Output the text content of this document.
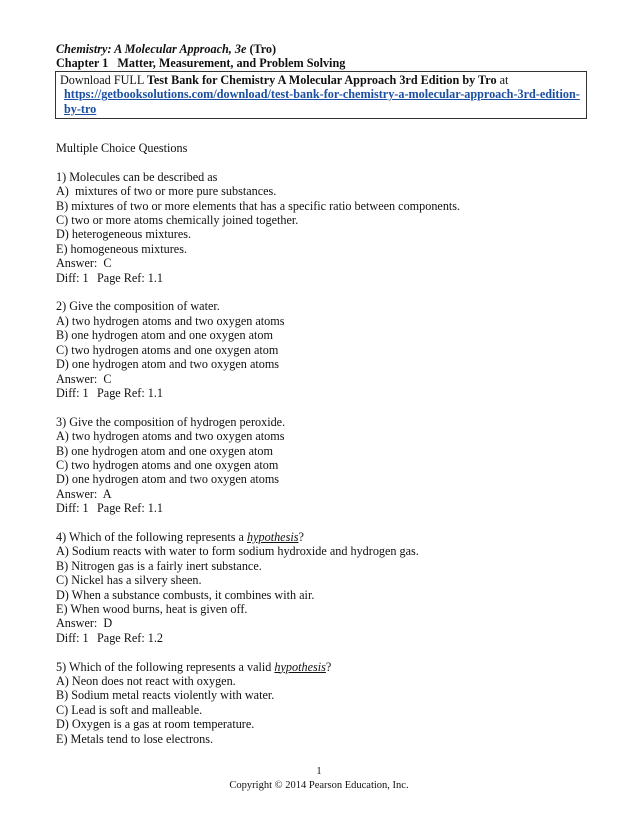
Chemistry: A Molecular Approach, 3e (Tro)
Chapter 1   Matter, Measurement, and Problem Solving
Download FULL Test Bank for Chemistry A Molecular Approach 3rd Edition by Tro at
https://getbooksolutions.com/download/test-bank-for-chemistry-a-molecular-approach-3rd-edition-by-tro
Multiple Choice Questions
1) Molecules can be described as
A)  mixtures of two or more pure substances.
B) mixtures of two or more elements that has a specific ratio between components.
C) two or more atoms chemically joined together.
D) heterogeneous mixtures.
E) homogeneous mixtures.
Answer:  C
Diff: 1 Page Ref: 1.1
2) Give the composition of water.
A) two hydrogen atoms and two oxygen atoms
B) one hydrogen atom and one oxygen atom
C) two hydrogen atoms and one oxygen atom
D) one hydrogen atom and two oxygen atoms
Answer:  C
Diff: 1 Page Ref: 1.1
3) Give the composition of hydrogen peroxide.
A) two hydrogen atoms and two oxygen atoms
B) one hydrogen atom and one oxygen atom
C) two hydrogen atoms and one oxygen atom
D) one hydrogen atom and two oxygen atoms
Answer:  A
Diff: 1 Page Ref: 1.1
4) Which of the following represents a hypothesis?
A) Sodium reacts with water to form sodium hydroxide and hydrogen gas.
B) Nitrogen gas is a fairly inert substance.
C) Nickel has a silvery sheen.
D) When a substance combusts, it combines with air.
E) When wood burns, heat is given off.
Answer:  D
Diff: 1 Page Ref: 1.2
5) Which of the following represents a valid hypothesis?
A) Neon does not react with oxygen.
B) Sodium metal reacts violently with water.
C) Lead is soft and malleable.
D) Oxygen is a gas at room temperature.
E) Metals tend to lose electrons.
1
Copyright © 2014 Pearson Education, Inc.
